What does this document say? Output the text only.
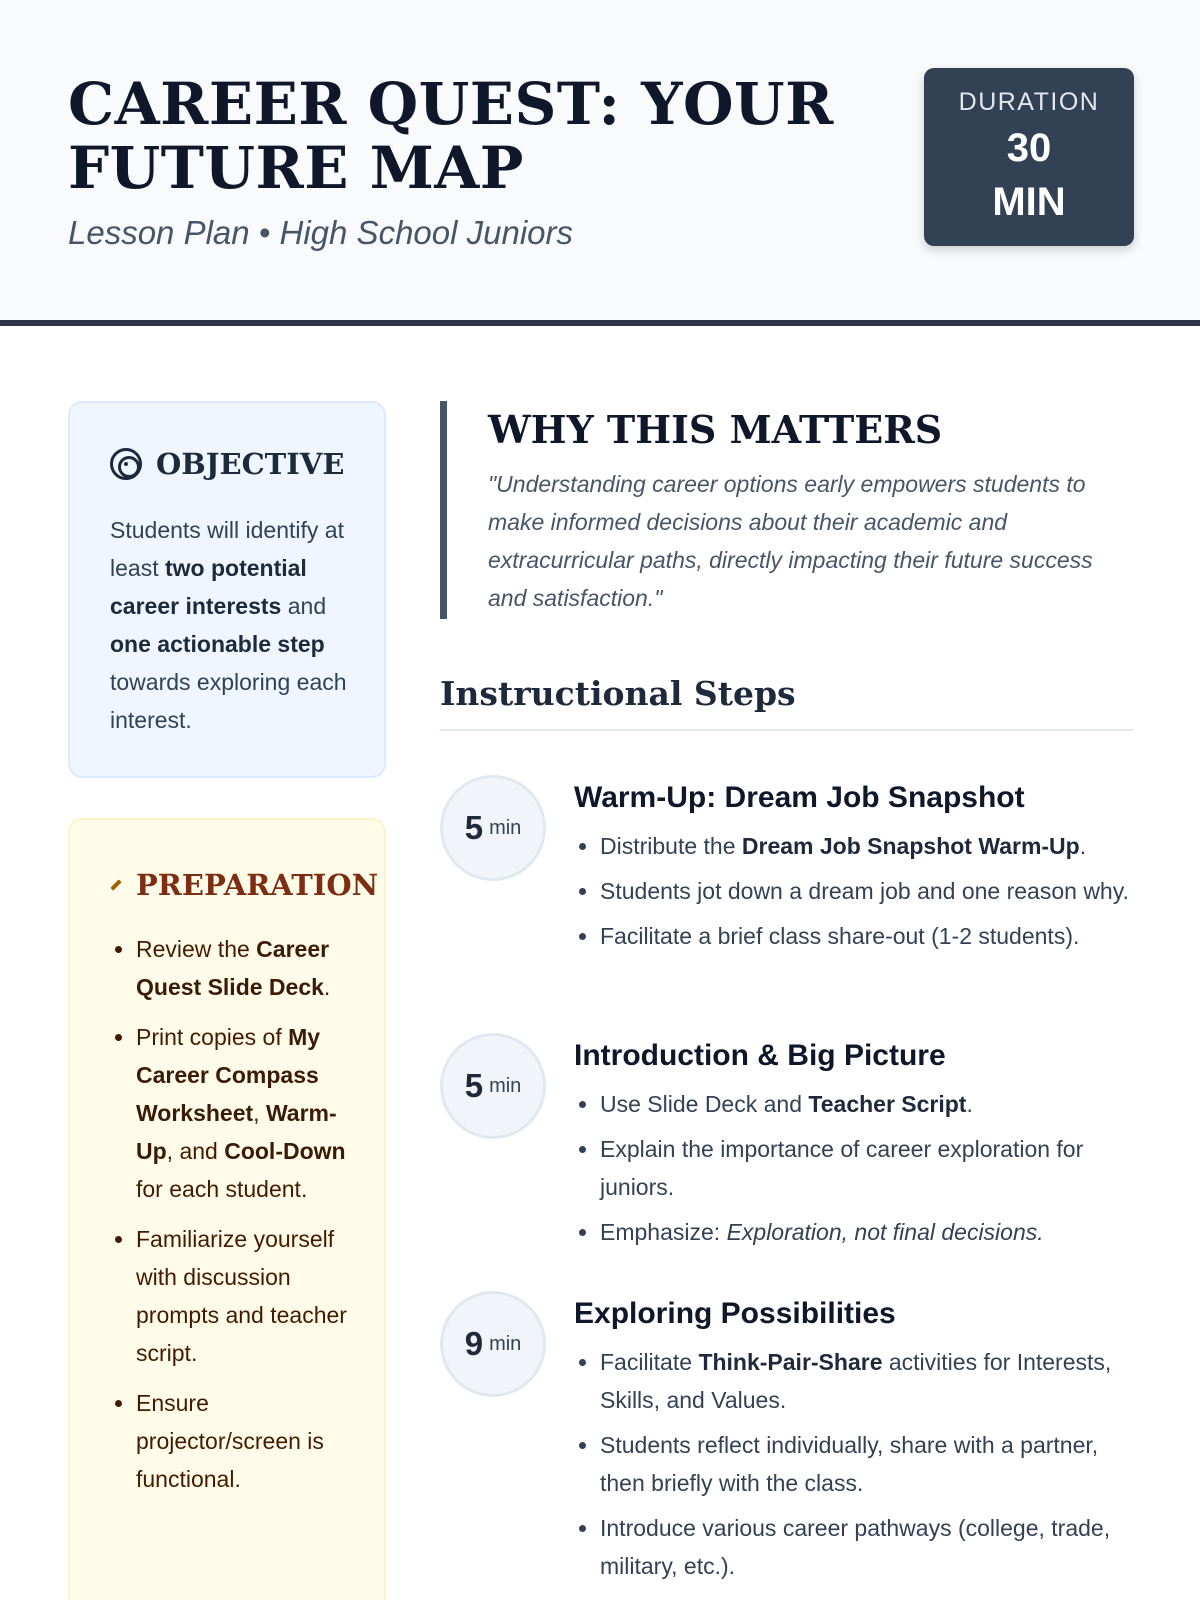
CAREER QUEST: YOUR FUTURE MAP
Lesson Plan • High School Juniors
DURATION
30 MIN
OBJECTIVE

Students will identify at least two potential career interests and one actionable step towards exploring each interest.

PREPARATION
• Review the Career Quest Slide Deck.
• Print copies of My Career Compass Worksheet, Warm-Up, and Cool-Down for each student.
• Familiarize yourself with discussion prompts and teacher script.
• Ensure projector/screen is functional.
WHY THIS MATTERS

"Understanding career options early empowers students to make informed decisions about their academic and extracurricular paths, directly impacting their future success and satisfaction."

Instructional Steps
5 min
Warm-Up: Dream Job Snapshot
• Distribute the Dream Job Snapshot Warm-Up.
• Students jot down a dream job and one reason why.
• Facilitate a brief class share-out (1-2 students).
5 min
Introduction & Big Picture
• Use Slide Deck and Teacher Script.
• Explain the importance of career exploration for juniors.
• Emphasize: Exploration, not final decisions.
9 min
Exploring Possibilities
• Facilitate Think-Pair-Share activities for Interests, Skills, and Values.
• Students reflect individually, share with a partner, then briefly with the class.
• Introduce various career pathways (college, trade, military, etc.).
